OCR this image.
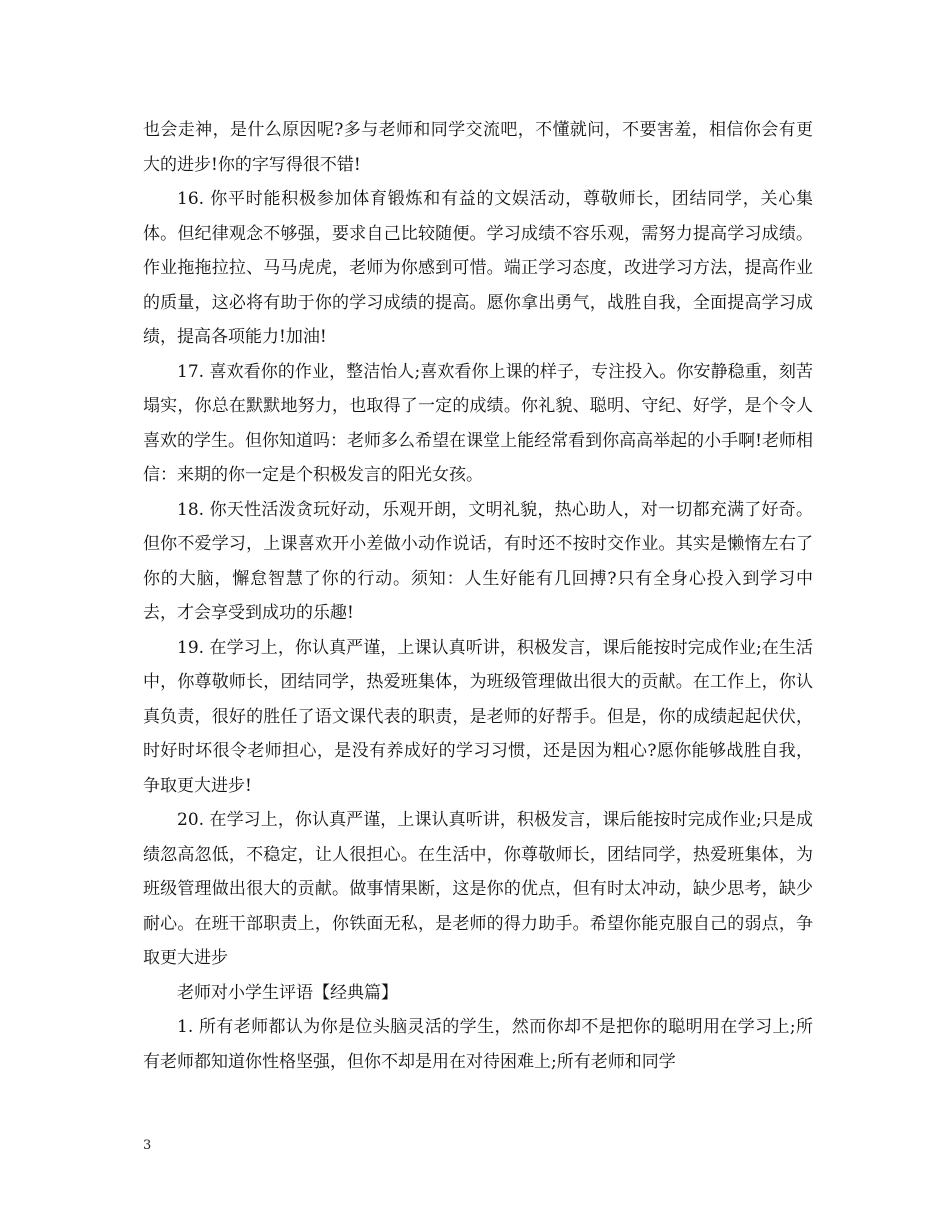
也会走神，是什么原因呢?多与老师和同学交流吧，不懂就问，不要害羞，相信你会有更大的进步!你的字写得很不错!

16. 你平时能积极参加体育锻炼和有益的文娱活动，尊敬师长，团结同学，关心集体。但纪律观念不够强，要求自己比较随便。学习成绩不容乐观，需努力提高学习成绩。作业拖拖拉拉、马马虎虎，老师为你感到可惜。端正学习态度，改进学习方法，提高作业的质量，这必将有助于你的学习成绩的提高。愿你拿出勇气，战胜自我，全面提高学习成绩，提高各项能力!加油!

17. 喜欢看你的作业，整洁怡人;喜欢看你上课的样子，专注投入。你安静稳重，刻苦塌实，你总在默默地努力，也取得了一定的成绩。你礼貌、聪明、守纪、好学，是个令人喜欢的学生。但你知道吗：老师多么希望在课堂上能经常看到你高高举起的小手啊!老师相信：来期的你一定是个积极发言的阳光女孩。

18. 你天性活泼贪玩好动，乐观开朗，文明礼貌，热心助人，对一切都充满了好奇。但你不爱学习，上课喜欢开小差做小动作说话，有时还不按时交作业。其实是懒惰左右了你的大脑，懈怠智慧了你的行动。须知：人生好能有几回搏?只有全身心投入到学习中去，才会享受到成功的乐趣!

19. 在学习上，你认真严谨，上课认真听讲，积极发言，课后能按时完成作业;在生活中，你尊敬师长，团结同学，热爱班集体，为班级管理做出很大的贡献。在工作上，你认真负责，很好的胜任了语文课代表的职责，是老师的好帮手。但是，你的成绩起起伏伏，时好时坏很令老师担心，是没有养成好的学习习惯，还是因为粗心?愿你能够战胜自我，争取更大进步!

20. 在学习上，你认真严谨，上课认真听讲，积极发言，课后能按时完成作业;只是成绩忽高忽低，不稳定，让人很担心。在生活中，你尊敬师长，团结同学，热爱班集体，为班级管理做出很大的贡献。做事情果断，这是你的优点，但有时太冲动，缺少思考，缺少耐心。在班干部职责上，你铁面无私，是老师的得力助手。希望你能克服自己的弱点，争取更大进步

老师对小学生评语【经典篇】

1. 所有老师都认为你是位头脑灵活的学生，然而你却不是把你的聪明用在学习上;所有老师都知道你性格坚强，但你不却是用在对待困难上;所有老师和同学

3
